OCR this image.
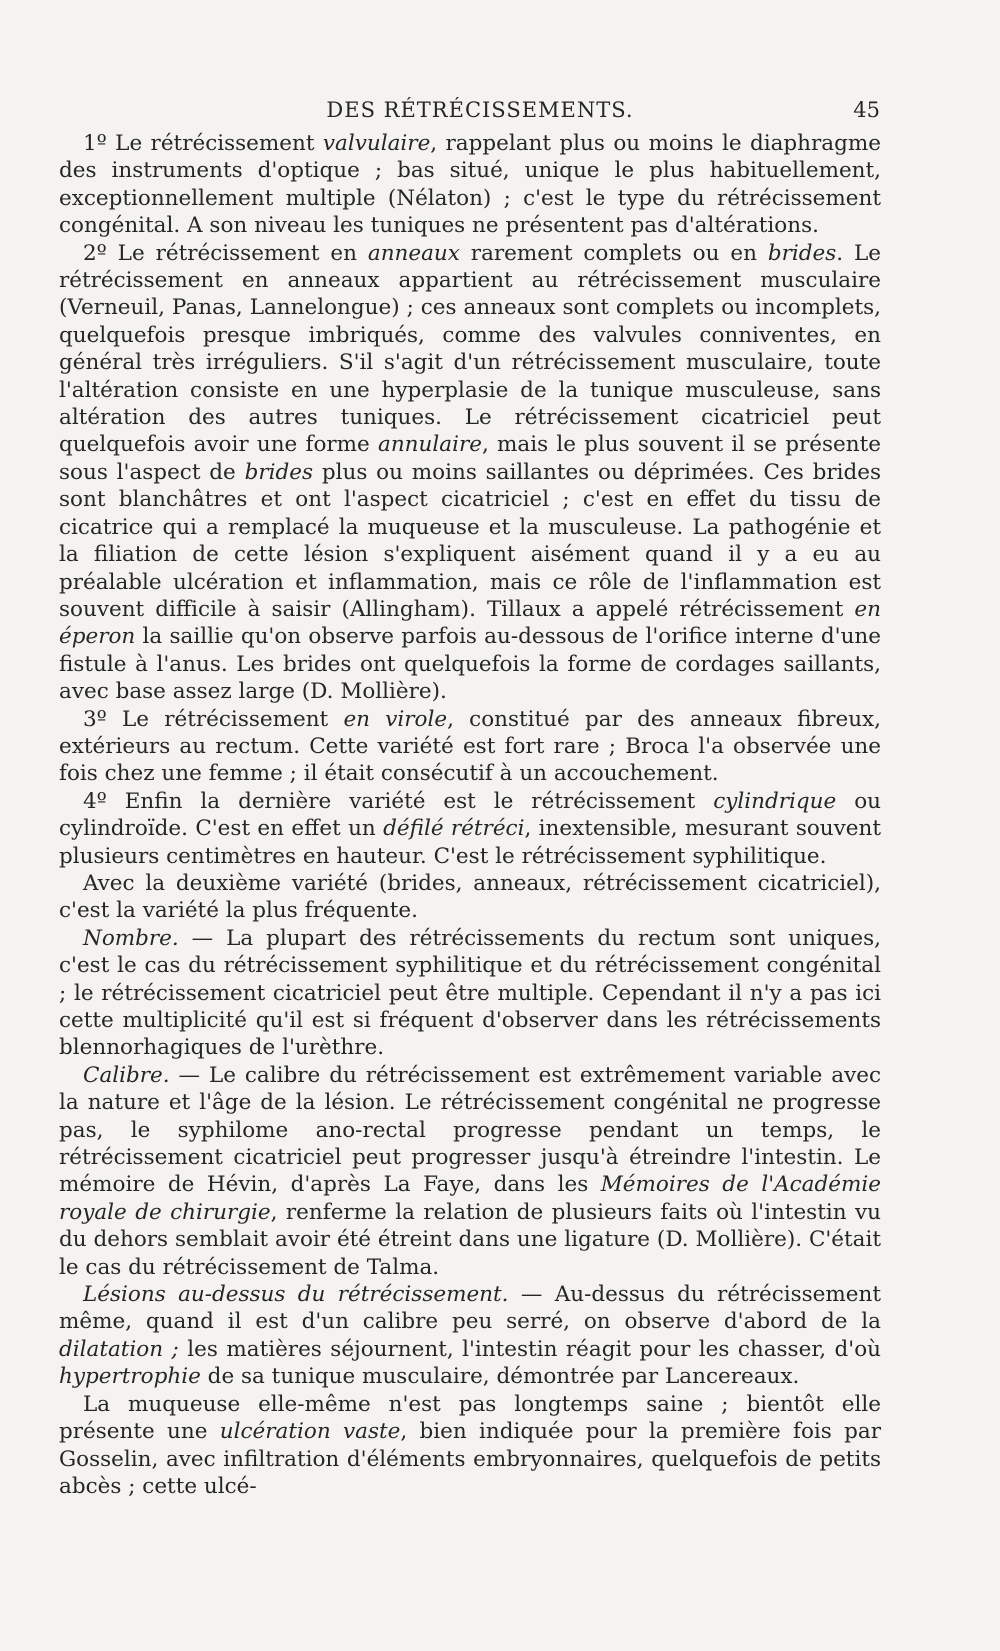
DES RÉTRÉCISSEMENTS.	45

1º Le rétrécissement valvulaire, rappelant plus ou moins le diaphragme des instruments d'optique ; bas situé, unique le plus habituellement, exceptionnellement multiple (Nélaton) ; c'est le type du rétrécissement congénital. A son niveau les tuniques ne présentent pas d'altérations.

2º Le rétrécissement en anneaux rarement complets ou en brides. Le rétrécissement en anneaux appartient au rétrécissement musculaire (Verneuil, Panas, Lannelongue) ; ces anneaux sont complets ou incomplets, quelquefois presque imbriqués, comme des valvules conniventes, en général très irréguliers. S'il s'agit d'un rétrécissement musculaire, toute l'altération consiste en une hyperplasie de la tunique musculeuse, sans altération des autres tuniques. Le rétrécissement cicatriciel peut quelquefois avoir une forme annulaire, mais le plus souvent il se présente sous l'aspect de brides plus ou moins saillantes ou déprimées. Ces brides sont blanchâtres et ont l'aspect cicatriciel ; c'est en effet du tissu de cicatrice qui a remplacé la muqueuse et la musculeuse. La pathogénie et la filiation de cette lésion s'expliquent aisément quand il y a eu au préalable ulcération et inflammation, mais ce rôle de l'inflammation est souvent difficile à saisir (Allingham). Tillaux a appelé rétrécissement en éperon la saillie qu'on observe parfois au-dessous de l'orifice interne d'une fistule à l'anus. Les brides ont quelquefois la forme de cordages saillants, avec base assez large (D. Mollière).

3º Le rétrécissement en virole, constitué par des anneaux fibreux, extérieurs au rectum. Cette variété est fort rare ; Broca l'a observée une fois chez une femme ; il était consécutif à un accouchement.

4º Enfin la dernière variété est le rétrécissement cylindrique ou cylindroïde. C'est en effet un défilé rétréci, inextensible, mesurant souvent plusieurs centimètres en hauteur. C'est le rétrécissement syphilitique.

Avec la deuxième variété (brides, anneaux, rétrécissement cicatriciel), c'est la variété la plus fréquente.

Nombre. — La plupart des rétrécissements du rectum sont uniques, c'est le cas du rétrécissement syphilitique et du rétrécissement congénital ; le rétrécissement cicatriciel peut être multiple. Cependant il n'y a pas ici cette multiplicité qu'il est si fréquent d'observer dans les rétrécissements blennorhagiques de l'urèthre.

Calibre. — Le calibre du rétrécissement est extrêmement variable avec la nature et l'âge de la lésion. Le rétrécissement congénital ne progresse pas, le syphilome ano-rectal progresse pendant un temps, le rétrécissement cicatriciel peut progresser jusqu'à étreindre l'intestin. Le mémoire de Hévin, d'après La Faye, dans les Mémoires de l'Académie royale de chirurgie, renferme la relation de plusieurs faits où l'intestin vu du dehors semblait avoir été étreint dans une ligature (D. Mollière). C'était le cas du rétrécissement de Talma.

Lésions au-dessus du rétrécissement. — Au-dessus du rétrécissement même, quand il est d'un calibre peu serré, on observe d'abord de la dilatation ; les matières séjournent, l'intestin réagit pour les chasser, d'où hypertrophie de sa tunique musculaire, démontrée par Lancereaux.

La muqueuse elle-même n'est pas longtemps saine ; bientôt elle présente une ulcération vaste, bien indiquée pour la première fois par Gosselin, avec infiltration d'éléments embryonnaires, quelquefois de petits abcès ; cette ulcé-
